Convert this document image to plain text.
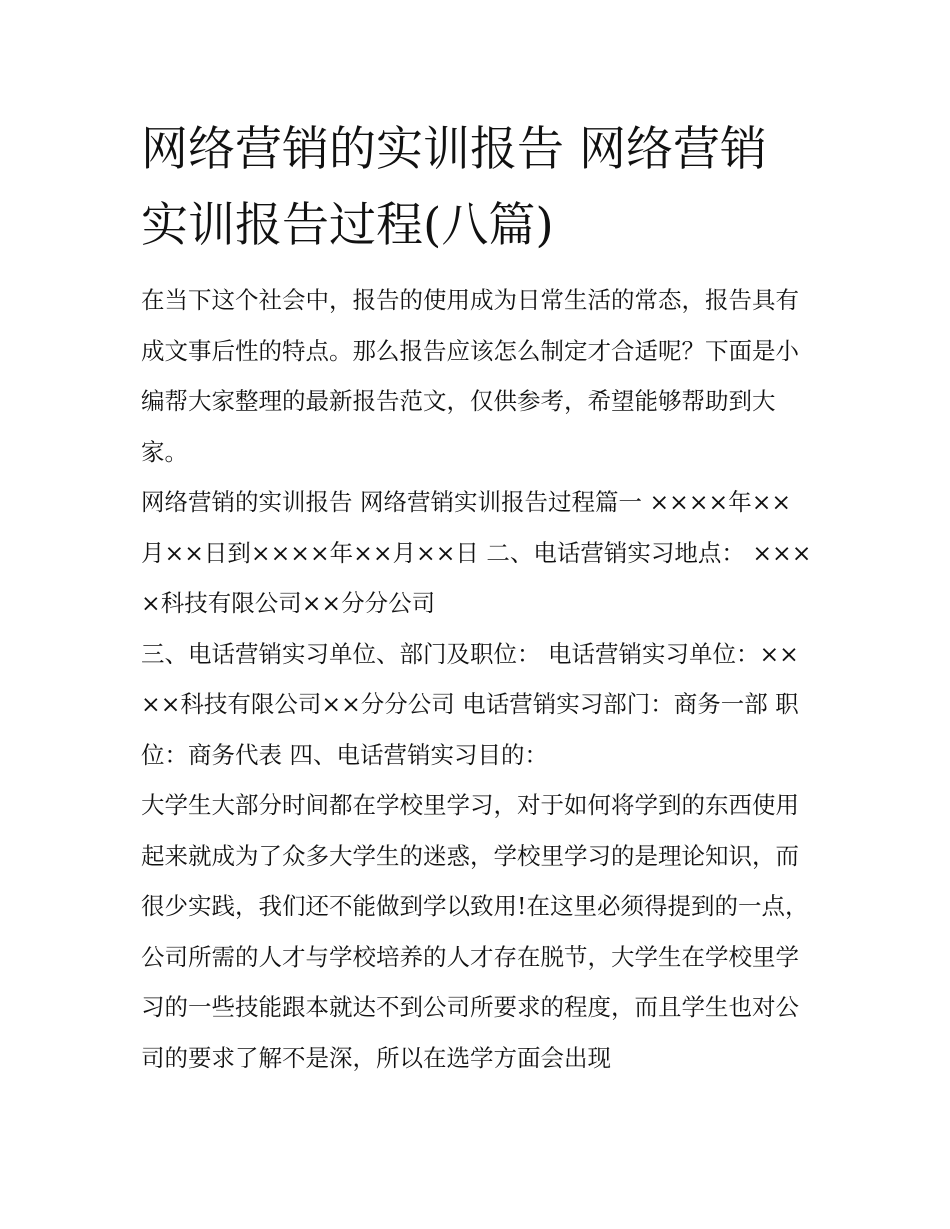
网络营销的实训报告 网络营销实训报告过程(八篇)

在当下这个社会中，报告的使用成为日常生活的常态，报告具有成文事后性的特点。那么报告应该怎么制定才合适呢？下面是小编帮大家整理的最新报告范文，仅供参考，希望能够帮助到大家。

网络营销的实训报告 网络营销实训报告过程篇一 ××××年××月××日到××××年××月××日 二、电话营销实习地点： ××××科技有限公司××分分公司

三、电话营销实习单位、部门及职位： 电话营销实习单位：××××科技有限公司××分分公司 电话营销实习部门：商务一部 职位：商务代表 四、电话营销实习目的：

大学生大部分时间都在学校里学习，对于如何将学到的东西使用起来就成为了众多大学生的迷惑，学校里学习的是理论知识，而很少实践，我们还不能做到学以致用!在这里必须得提到的一点，公司所需的人才与学校培养的人才存在脱节，大学生在学校里学习的一些技能跟本就达不到公司所要求的程度，而且学生也对公司的要求了解不是深，所以在选学方面会出现
